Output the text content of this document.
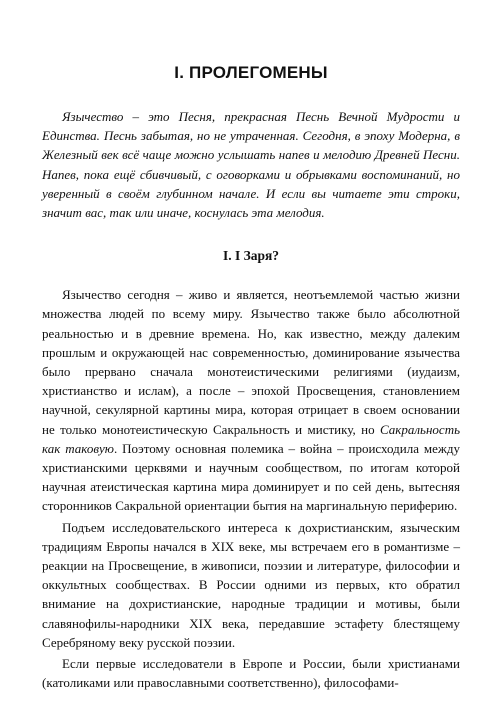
I. ПРОЛЕГОМЕНЫ

Язычество – это Песня, прекрасная Песнь Вечной Мудрости и Единства. Песнь забытая, но не утраченная. Сегодня, в эпоху Модерна, в Железный век всё чаще можно услышать напев и мелодию Древней Песни. Напев, пока ещё сбивчивый, с оговорками и обрывками воспоминаний, но уверенный в своём глубинном начале. И если вы читаете эти строки, значит вас, так или иначе, коснулась эта мелодия.

I. I Заря?

Язычество сегодня – живо и является, неотъемлемой частью жизни множества людей по всему миру. Язычество также было абсолютной реальностью и в древние времена. Но, как известно, между далеким прошлым и окружающей нас современностью, доминирование язычества было прервано сначала монотеистическими религиями (иудаизм, христианство и ислам), а после – эпохой Просвещения, становлением научной, секулярной картины мира, которая отрицает в своем основании не только монотеистическую Сакральность и мистику, но Сакральность как таковую. Поэтому основная полемика – война – происходила между христианскими церквями и научным сообществом, по итогам которой научная атеистическая картина мира доминирует и по сей день, вытесняя сторонников Сакральной ориентации бытия на маргинальную периферию.

Подъем исследовательского интереса к дохристианским, языческим традициям Европы начался в XIX веке, мы встречаем его в романтизме – реакции на Просвещение, в живописи, поэзии и литературе, философии и оккультных сообществах. В России одними из первых, кто обратил внимание на дохристианские, народные традиции и мотивы, были славянофилы-народники XIX века, передавшие эстафету блестящему Серебряному веку русской поэзии.

Если первые исследователи в Европе и России, были христианами (католиками или православными соответственно), философами-
